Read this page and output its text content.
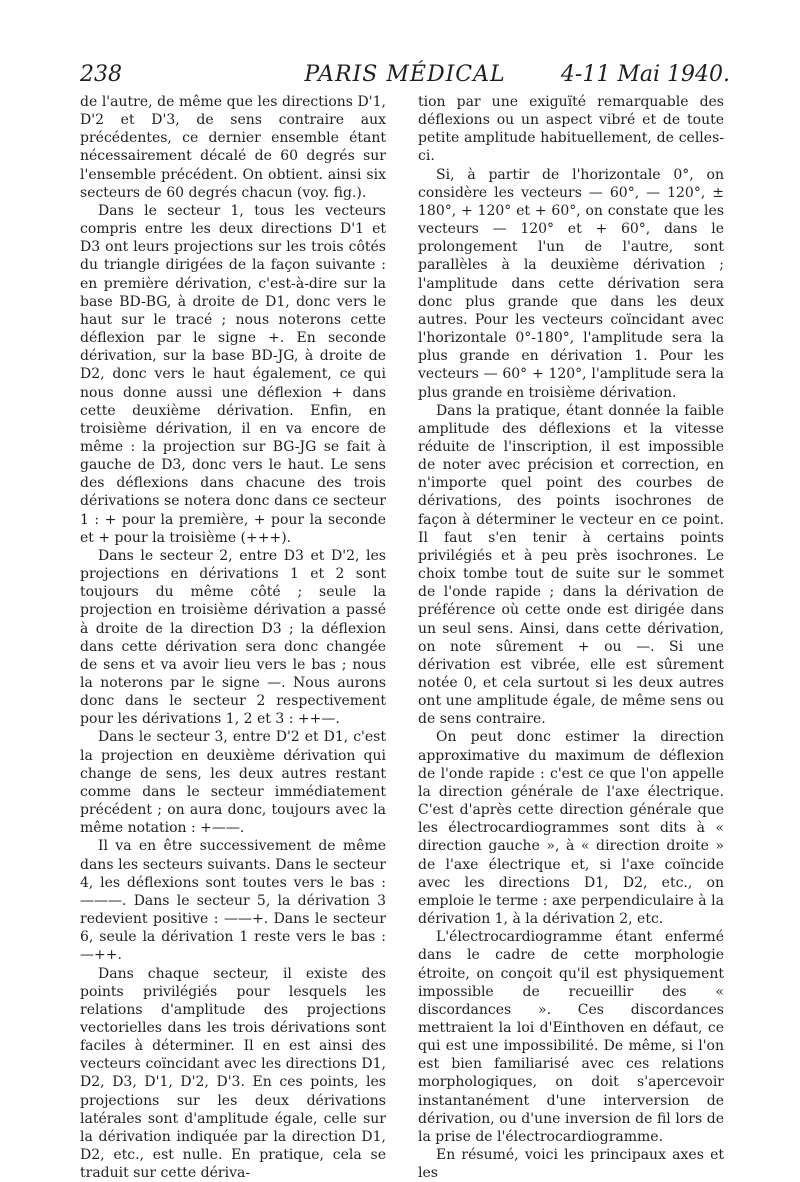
238	PARIS MÉDICAL	4-11 Mai 1940.

de l'autre, de même que les directions D'1, D'2 et D'3, de sens contraire aux précédentes, ce dernier ensemble étant nécessairement décalé de 60 degrés sur l'ensemble précédent. On obtient. ainsi six secteurs de 60 degrés chacun (voy. fig.).

Dans le secteur 1, tous les vecteurs compris entre les deux directions D'1 et D3 ont leurs projections sur les trois côtés du triangle dirigées de la façon suivante : en première dérivation, c'est-à-dire sur la base BD-BG, à droite de D1, donc vers le haut sur le tracé ; nous noterons cette déflexion par le signe +. En seconde dérivation, sur la base BD-JG, à droite de D2, donc vers le haut également, ce qui nous donne aussi une déflexion + dans cette deuxième dérivation. Enfin, en troisième dérivation, il en va encore de même : la projection sur BG-JG se fait à gauche de D3, donc vers le haut. Le sens des déflexions dans chacune des trois dérivations se notera donc dans ce secteur 1 : + pour la première, + pour la seconde et + pour la troisième (+++).

Dans le secteur 2, entre D3 et D'2, les projections en dérivations 1 et 2 sont toujours du même côté ; seule la projection en troisième dérivation a passé à droite de la direction D3 ; la déflexion dans cette dérivation sera donc changée de sens et va avoir lieu vers le bas ; nous la noterons par le signe —. Nous aurons donc dans le secteur 2 respectivement pour les dérivations 1, 2 et 3 : ++—.

Dans le secteur 3, entre D'2 et D1, c'est la projection en deuxième dérivation qui change de sens, les deux autres restant comme dans le secteur immédiatement précédent ; on aura donc, toujours avec la même notation : +——.

Il va en être successivement de même dans les secteurs suivants. Dans le secteur 4, les déflexions sont toutes vers le bas : ———. Dans le secteur 5, la dérivation 3 redevient positive : ——+. Dans le secteur 6, seule la dérivation 1 reste vers le bas : —++.

Dans chaque secteur, il existe des points privilégiés pour lesquels les relations d'amplitude des projections vectorielles dans les trois dérivations sont faciles à déterminer. Il en est ainsi des vecteurs coïncidant avec les directions D1, D2, D3, D'1, D'2, D'3. En ces points, les projections sur les deux dérivations latérales sont d'amplitude égale, celle sur la dérivation indiquée par la direction D1, D2, etc., est nulle. En pratique, cela se traduit sur cette dériva-

tion par une exiguïté remarquable des déflexions ou un aspect vibré et de toute petite amplitude habituellement, de celles-ci.

Si, à partir de l'horizontale 0°, on considère les vecteurs — 60°, — 120°, ± 180°, + 120° et + 60°, on constate que les vecteurs — 120° et + 60°, dans le prolongement l'un de l'autre, sont parallèles à la deuxième dérivation ; l'amplitude dans cette dérivation sera donc plus grande que dans les deux autres. Pour les vecteurs coïncidant avec l'horizontale 0°-180°, l'amplitude sera la plus grande en dérivation 1. Pour les vecteurs — 60° + 120°, l'amplitude sera la plus grande en troisième dérivation.

Dans la pratique, étant donnée la faible amplitude des déflexions et la vitesse réduite de l'inscription, il est impossible de noter avec précision et correction, en n'importe quel point des courbes de dérivations, des points isochrones de façon à déterminer le vecteur en ce point. Il faut s'en tenir à certains points privilégiés et à peu près isochrones. Le choix tombe tout de suite sur le sommet de l'onde rapide ; dans la dérivation de préférence où cette onde est dirigée dans un seul sens. Ainsi, dans cette dérivation, on note sûrement + ou —. Si une dérivation est vibrée, elle est sûrement notée 0, et cela surtout si les deux autres ont une amplitude égale, de même sens ou de sens contraire.

On peut donc estimer la direction approximative du maximum de déflexion de l'onde rapide : c'est ce que l'on appelle la direction générale de l'axe électrique. C'est d'après cette direction générale que les électrocardiogrammes sont dits à « direction gauche », à « direction droite » de l'axe électrique et, si l'axe coïncide avec les directions D1, D2, etc., on emploie le terme : axe perpendiculaire à la dérivation 1, à la dérivation 2, etc.

L'électrocardiogramme étant enfermé dans le cadre de cette morphologie étroite, on conçoit qu'il est physiquement impossible de recueillir des « discordances ». Ces discordances mettraient la loi d'Einthoven en défaut, ce qui est une impossibilité. De même, si l'on est bien familiarisé avec ces relations morphologiques, on doit s'apercevoir instantanément d'une interversion de dérivation, ou d'une inversion de fil lors de la prise de l'électrocardiogramme.

En résumé, voici les principaux axes et les
